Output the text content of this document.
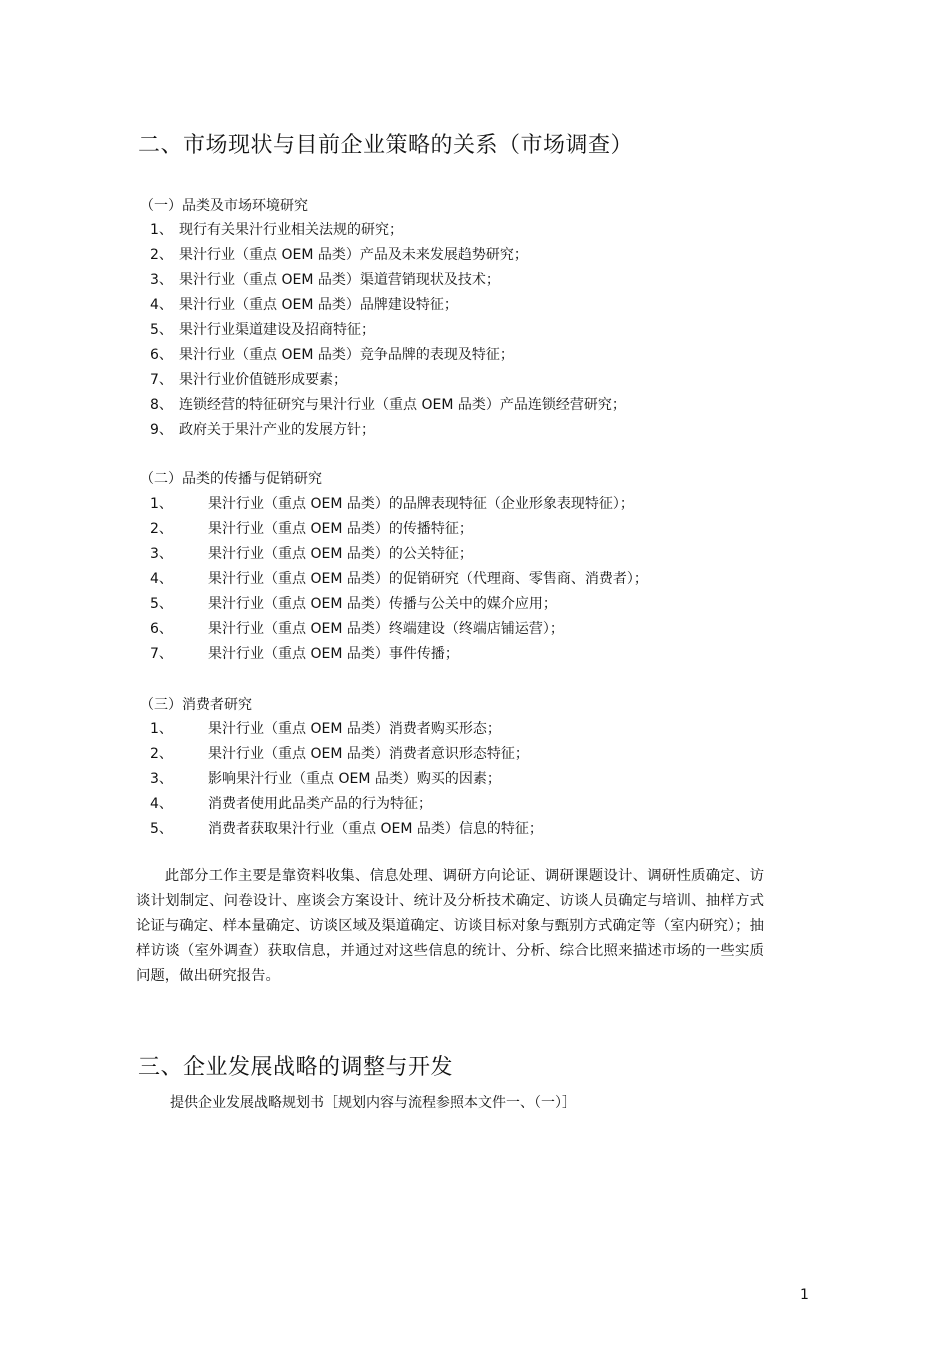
二、市场现状与目前企业策略的关系（市场调查）
（一）品类及市场环境研究
1、 现行有关果汁行业相关法规的研究；
2、 果汁行业（重点 OEM 品类）产品及未来发展趋势研究；
3、 果汁行业（重点 OEM 品类）渠道营销现状及技术；
4、 果汁行业（重点 OEM 品类）品牌建设特征；
5、 果汁行业渠道建设及招商特征；
6、 果汁行业（重点 OEM 品类）竞争品牌的表现及特征；
7、 果汁行业价值链形成要素；
8、 连锁经营的特征研究与果汁行业（重点 OEM 品类）产品连锁经营研究；
9、 政府关于果汁产业的发展方针；
（二）品类的传播与促销研究
1、	果汁行业（重点 OEM 品类）的品牌表现特征（企业形象表现特征）；
2、	果汁行业（重点 OEM 品类）的传播特征；
3、	果汁行业（重点 OEM 品类）的公关特征；
4、	果汁行业（重点 OEM 品类）的促销研究（代理商、零售商、消费者）；
5、	果汁行业（重点 OEM 品类）传播与公关中的媒介应用；
6、	果汁行业（重点 OEM 品类）终端建设（终端店铺运营）；
7、	果汁行业（重点 OEM 品类）事件传播；
（三）消费者研究
1、	果汁行业（重点 OEM 品类）消费者购买形态；
2、	果汁行业（重点 OEM 品类）消费者意识形态特征；
3、	影响果汁行业（重点 OEM 品类）购买的因素；
4、	消费者使用此品类产品的行为特征；
5、	消费者获取果汁行业（重点 OEM 品类）信息的特征；
此部分工作主要是靠资料收集、信息处理、调研方向论证、调研课题设计、调研性质确定、访谈计划制定、问卷设计、座谈会方案设计、统计及分析技术确定、访谈人员确定与培训、抽样方式论证与确定、样本量确定、访谈区域及渠道确定、访谈目标对象与甄别方式确定等（室内研究）；抽样访谈（室外调查）获取信息，并通过对这些信息的统计、分析、综合比照来描述市场的一些实质问题，做出研究报告。
三、企业发展战略的调整与开发
提供企业发展战略规划书［规划内容与流程参照本文件一、（一）］
1
